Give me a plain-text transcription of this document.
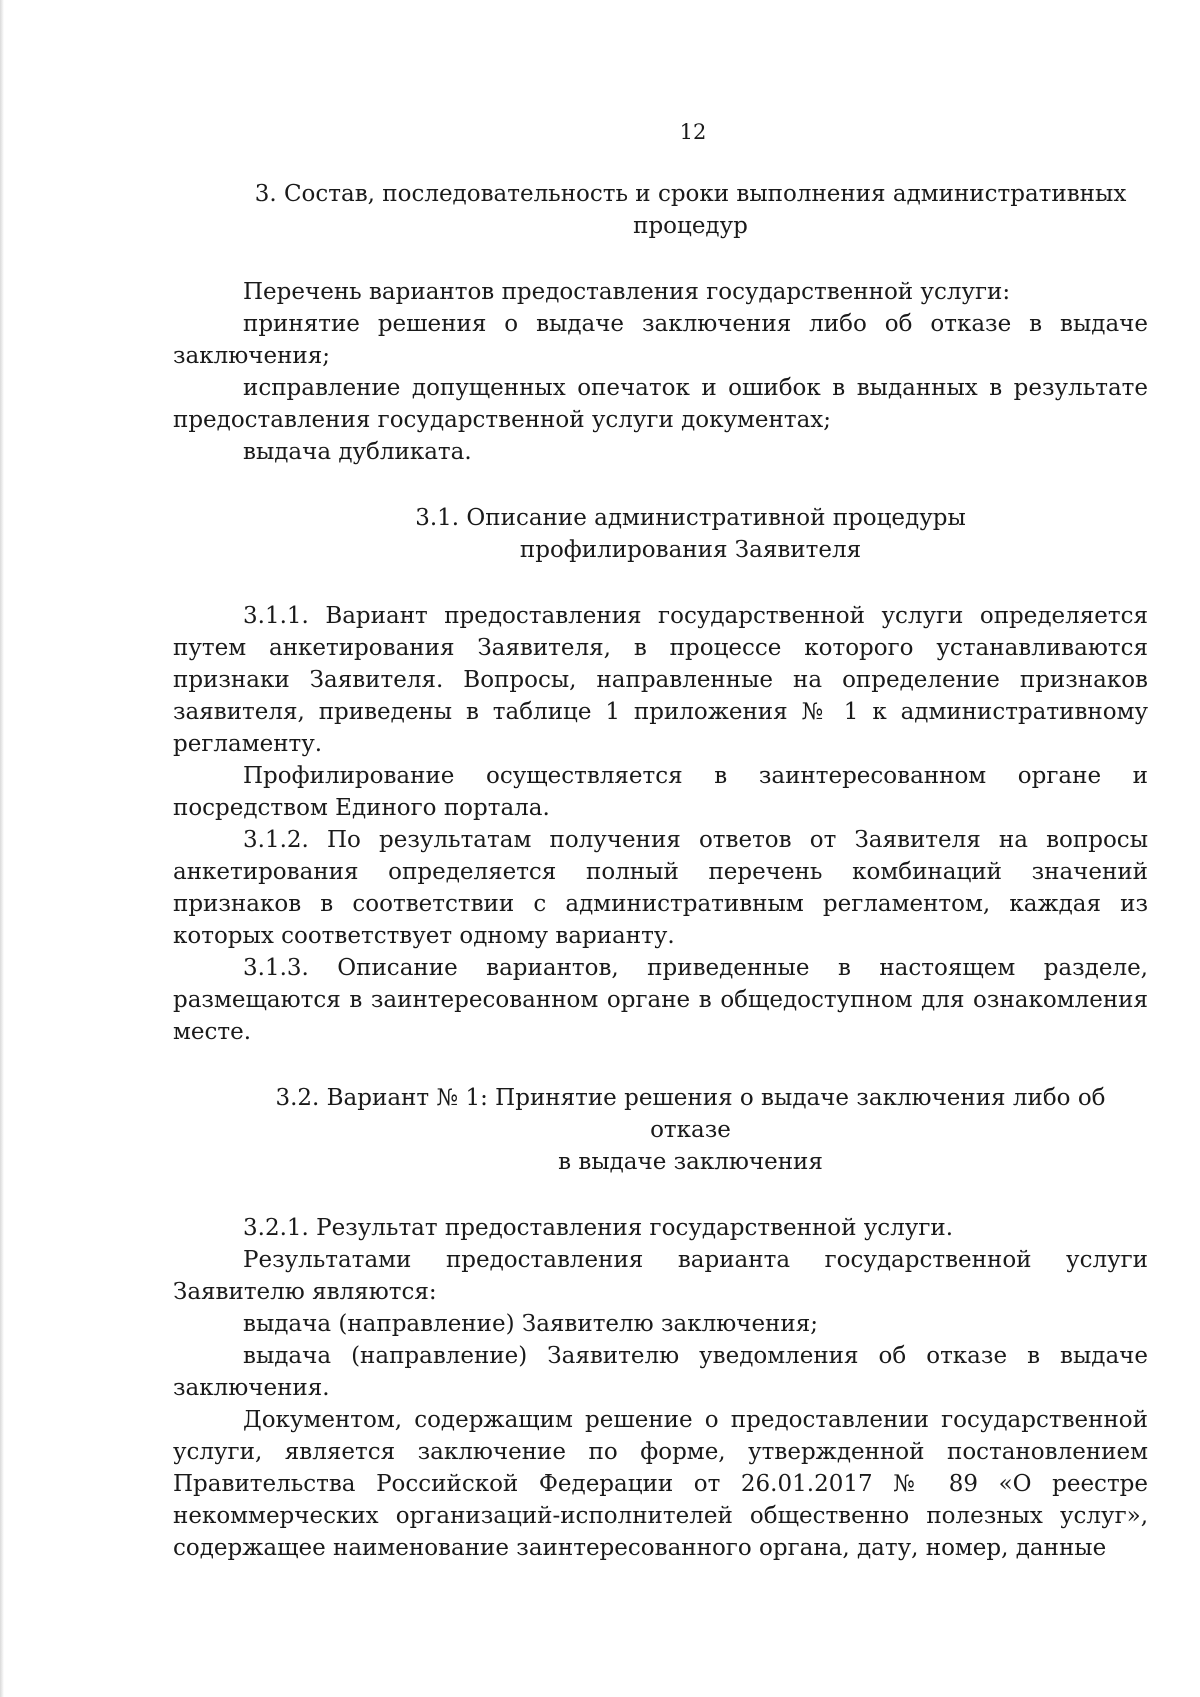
12
3. Состав, последовательность и сроки выполнения административных
процедур

Перечень вариантов предоставления государственной услуги:

принятие решения о выдаче заключения либо об отказе в выдаче заключения;

исправление допущенных опечаток и ошибок в выданных в результате предоставления государственной услуги документах;

выдача дубликата.

3.1. Описание административной процедуры
профилирования Заявителя

3.1.1. Вариант предоставления государственной услуги определяется путем анкетирования Заявителя, в процессе которого устанавливаются признаки Заявителя. Вопросы, направленные на определение признаков заявителя, приведены в таблице 1 приложения № 1 к административному регламенту.

Профилирование осуществляется в заинтересованном органе и посредством Единого портала.

3.1.2. По результатам получения ответов от Заявителя на вопросы анкетирования определяется полный перечень комбинаций значений признаков в соответствии с административным регламентом, каждая из которых соответствует одному варианту.

3.1.3. Описание вариантов, приведенные в настоящем разделе, размещаются в заинтересованном органе в общедоступном для ознакомления месте.

3.2. Вариант № 1: Принятие решения о выдаче заключения либо об отказе
в выдаче заключения

3.2.1. Результат предоставления государственной услуги.

Результатами предоставления варианта государственной услуги Заявителю являются:

выдача (направление) Заявителю заключения;

выдача (направление) Заявителю уведомления об отказе в выдаче заключения.

Документом, содержащим решение о предоставлении государственной услуги, является заключение по форме, утвержденной постановлением Правительства Российской Федерации от 26.01.2017 № 89 «О реестре некоммерческих организаций-исполнителей общественно полезных услуг», содержащее наименование заинтересованного органа, дату, номер, данные
